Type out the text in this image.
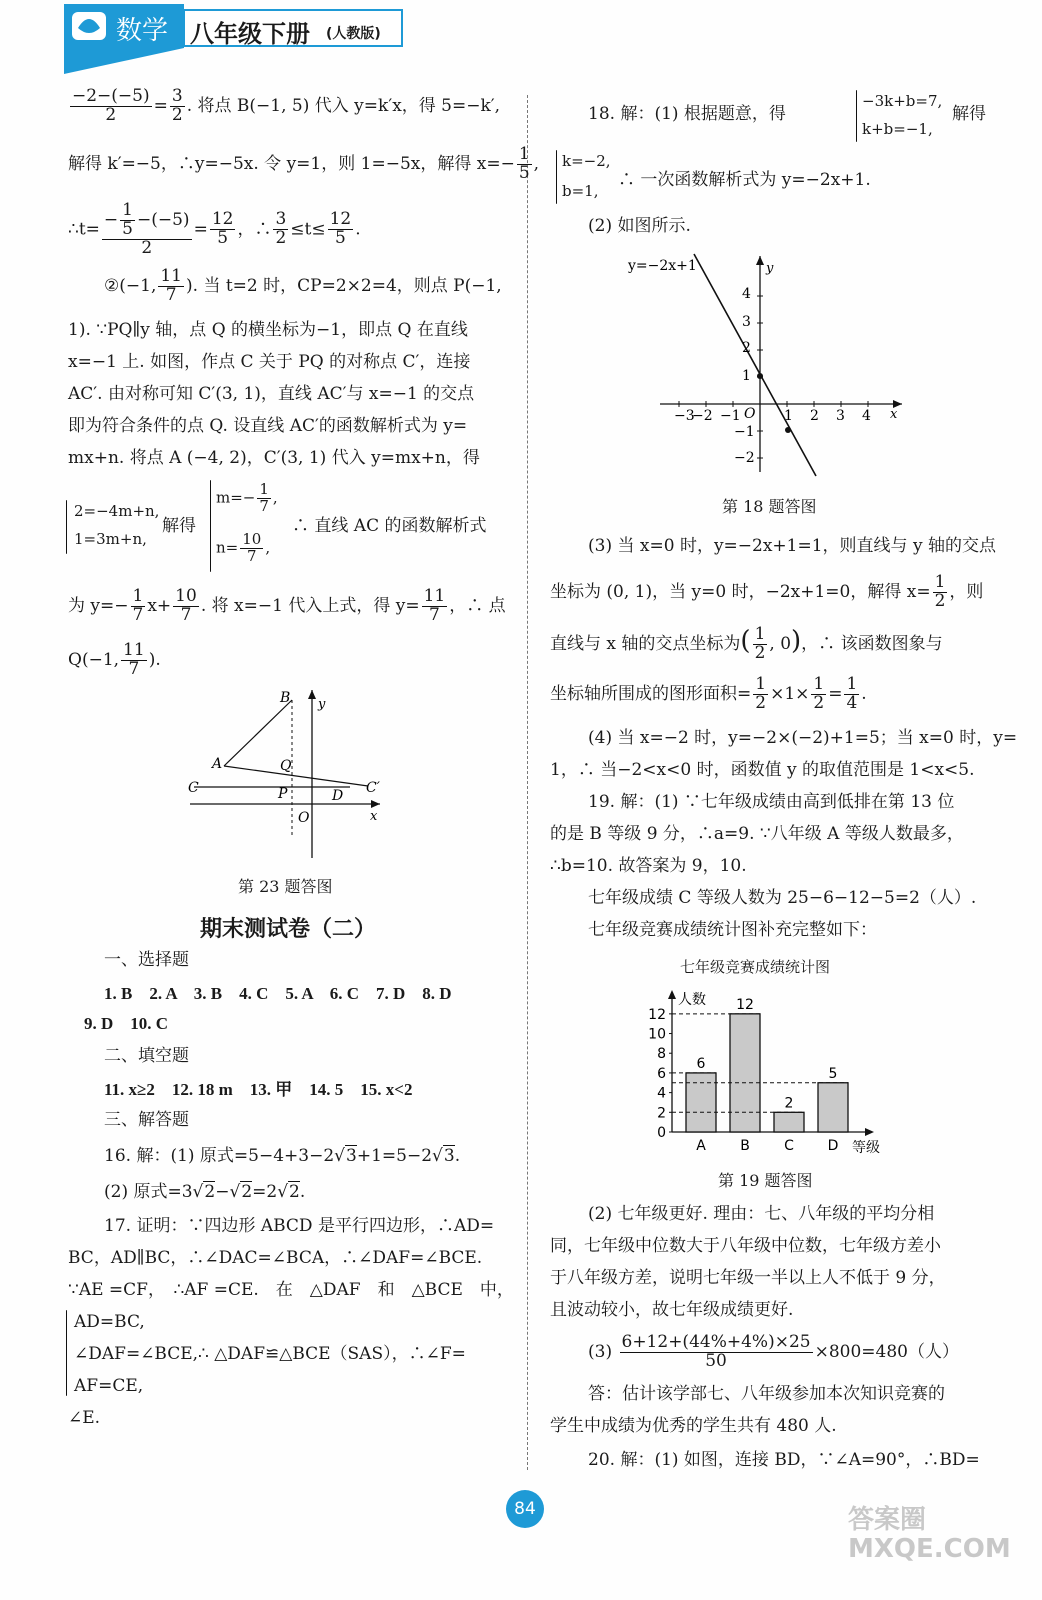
数学 八年级下册 (人教版)
$\frac{-2-(-5)}{2} = \frac{3}{2}$ . 将点 B(−1, 5) 代入 y=k′x，得 5=−k′,
解得 k′=−5，∴y=−5x. 令 y=1，则 1=−5x，解得 $x=- \frac{1}{5}$ ,
∴t= $\frac{- \frac{1}{5} -(-5)}{2} = \frac{12}{5}$ ，∴ $\frac{3}{2} \le t\le \frac{12}{5}$ .
②(−1, $\frac{11}{7}$ ). 当 t=2 时，CP=2×2=4，则点 P(−1,
1). ∵PQ∥y 轴，点 Q 的横坐标为−1，即点 Q 在直线
x=−1 上. 如图，作点 C 关于 PQ 的对称点 C′，连接
AC′. 由对称可知 C′(3, 1)，直线 AC′与 x=−1 的交点
即为符合条件的点 Q. 设直线 AC′的函数解析式为 y=
mx+n. 将点 A (−4, 2)，C′(3, 1) 代入 y=mx+n，得
2=−4m+n,
1=3m+n,
解得
$m=- \frac{1}{7}$ ,
$n= \frac{10}{7}$ ,
∴ 直线 AC 的函数解析式
为 $y=- \frac{1}{7} x+ \frac{10}{7}$ . 将 x=−1 代入上式，得 $y= \frac{11}{7}$ ，∴ 点
Q(−1, $\frac{11}{7}$ ).
B y
A	Q
C′
C	P	D
O	x
第 23 题答图
期末测试卷（二）
一、选择题
1. B　2. A　3. B　4. C　5. A　6. C　7. D　8. D
9. D　10. C
二、填空题
11. x≥2　12. 18 m　13. 甲　14. 5　15. x<2
三、解答题
16. 解：(1) 原式=5−4+3−2√3+1=5−2√3.
(2) 原式=3√2−√2=2√2.
17. 证明：∵四边形 ABCD 是平行四边形，∴AD=
BC，AD∥BC，∴∠DAC=∠BCA，∴∠DAF=∠BCE.
∵AE =CF，　∴AF =CE.　在　△DAF　和　△BCE　中，
AD=BC,
∠DAF=∠BCE,
AF=CE,
∴ △DAF≌△BCE（SAS），∴∠F=
∠E.
18. 解：(1) 根据题意，得
−3k+b=7,
k+b=−1,
解得
k=−2,
b=1,
∴ 一次函数解析式为 y=−2x+1.
(2) 如图所示.
y=−2x+1
−3
−2 −1 O 1 2 3 4 x
4
3
2
1
−1
−2
y
第 18 题答图
(3) 当 x=0 时，y=−2x+1=1，则直线与 y 轴的交点
坐标为 (0, 1)，当 y=0 时，−2x+1=0，解得 $x= \frac{1}{2}$ ，则
直线与 x 轴的交点坐标为( $\frac{1}{2}$ , 0)，∴ 该函数图象与
坐标轴所围成的图形面积= $\frac{1}{2} \times 1\times \frac{1}{2} = \frac{1}{4}$ .
(4) 当 x=−2 时，y=−2×(−2)+1=5；当 x=0 时，y=
1，∴ 当−2<x<0 时，函数值 y 的取值范围是 1<x<5.
19. 解：(1) ∵七年级成绩由高到低排在第 13 位
的是 B 等级 9 分，∴a=9. ∵八年级 A 等级人数最多，
∴b=10. 故答案为 9，10.
七年级成绩 C 等级人数为 25−6−12−5=2（人）.
七年级竞赛成绩统计图补充完整如下：
七年级竞赛成绩统计图
人数
等级
0
2
4
6
8
10
12
6
A
12
B
2
C
5
D
第 19 题答图
(2) 七年级更好. 理由：七、八年级的平均分相
同，七年级中位数大于八年级中位数，七年级方差小
于八年级方差，说明七年级一半以上人不低于 9 分，
且波动较小，故七年级成绩更好.
$(3) \frac{6+12+(44\%+4\%)\times 25}{50} \times 800=480$（人）
答：估计该学部七、八年级参加本次知识竞赛的
学生中成绩为优秀的学生共有 480 人.
20. 解：(1) 如图，连接 BD，∵∠A=90°，∴BD=
84	答案圈 MXQE.COM
